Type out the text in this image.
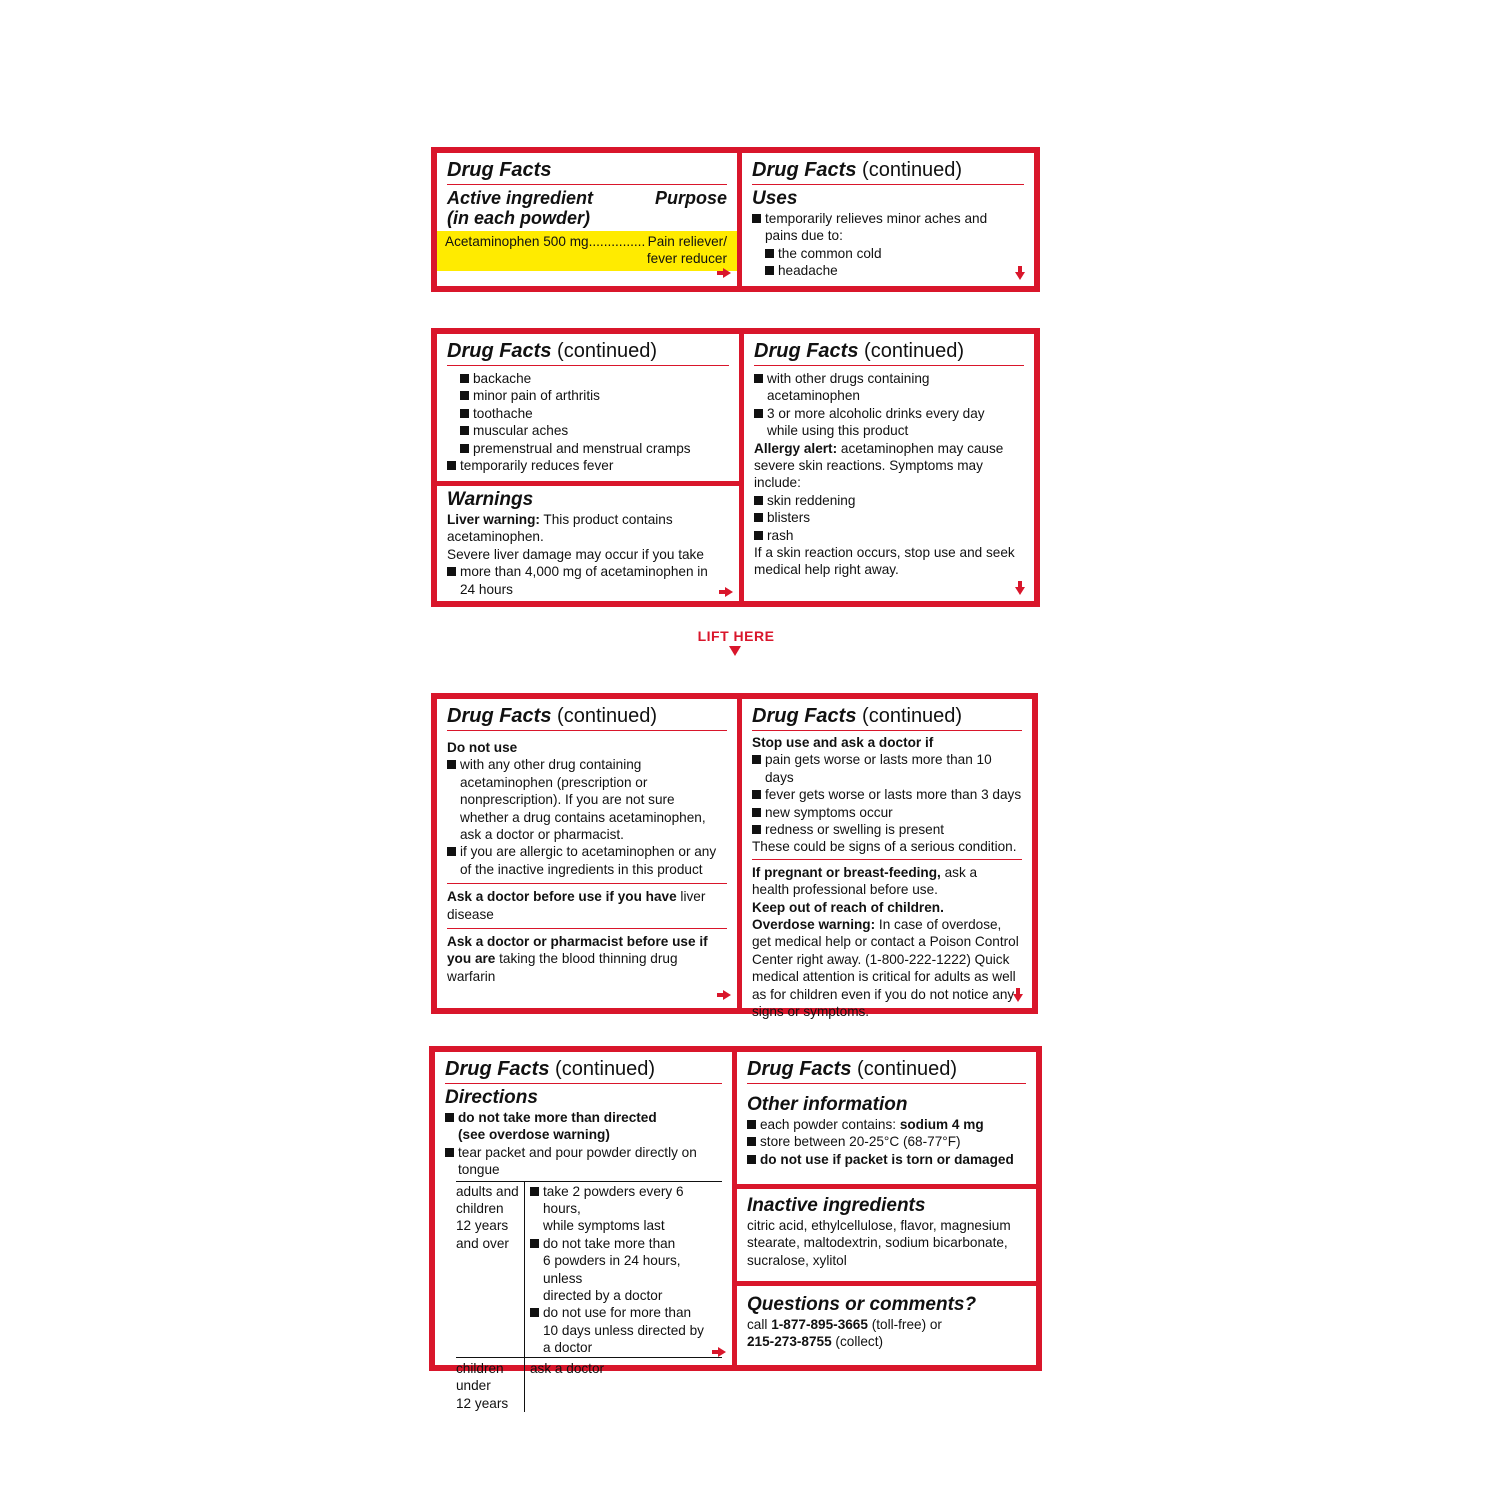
Drug Facts
Active ingredient
(in each powder)
Purpose
Acetaminophen 500 mg............... Pain reliever/
fever reducer
Drug Facts (continued)
Uses
temporarily relieves minor aches and
pains due to:
the common cold
headache
Drug Facts (continued)
backache
minor pain of arthritis
toothache
muscular aches
premenstrual and menstrual cramps
temporarily reduces fever
Warnings
Liver warning: This product contains
acetaminophen.
Severe liver damage may occur if you take
more than 4,000 mg of acetaminophen in
24 hours
Drug Facts (continued)
with other drugs containing
acetaminophen
3 or more alcoholic drinks every day
while using this product
Allergy alert: acetaminophen may cause
severe skin reactions. Symptoms may
include:
skin reddening
blisters
rash
If a skin reaction occurs, stop use and seek
medical help right away.
LIFT HERE
Drug Facts (continued)
Do not use
with any other drug containing
acetaminophen (prescription or
nonprescription). If you are not sure
whether a drug contains acetaminophen,
ask a doctor or pharmacist.
if you are allergic to acetaminophen or any
of the inactive ingredients in this product
Ask a doctor before use if you have liver
disease
Ask a doctor or pharmacist before use if
you are taking the blood thinning drug
warfarin
Drug Facts (continued)
Stop use and ask a doctor if
pain gets worse or lasts more than 10 days
fever gets worse or lasts more than 3 days
new symptoms occur
redness or swelling is present
These could be signs of a serious condition.
If pregnant or breast-feeding, ask a
health professional before use.
Keep out of reach of children.
Overdose warning: In case of overdose,
get medical help or contact a Poison Control
Center right away. (1-800-222-1222) Quick
medical attention is critical for adults as well
as for children even if you do not notice any
signs or symptoms.
Drug Facts (continued)
Directions
do not take more than directed
(see overdose warning)
tear packet and pour powder directly on tongue
adults and
children
12 years
and over
take 2 powders every 6 hours,
while symptoms last
do not take more than
6 powders in 24 hours, unless
directed by a doctor
do not use for more than
10 days unless directed by
a doctor
children
under
12 years
ask a doctor
Drug Facts (continued)
Other information
each powder contains: sodium 4 mg
store between 20-25°C (68-77°F)
do not use if packet is torn or damaged
Inactive ingredients
citric acid, ethylcellulose, flavor, magnesium
stearate, maltodextrin, sodium bicarbonate,
sucralose, xylitol
Questions or comments?
call 1-877-895-3665 (toll-free) or
215-273-8755 (collect)
